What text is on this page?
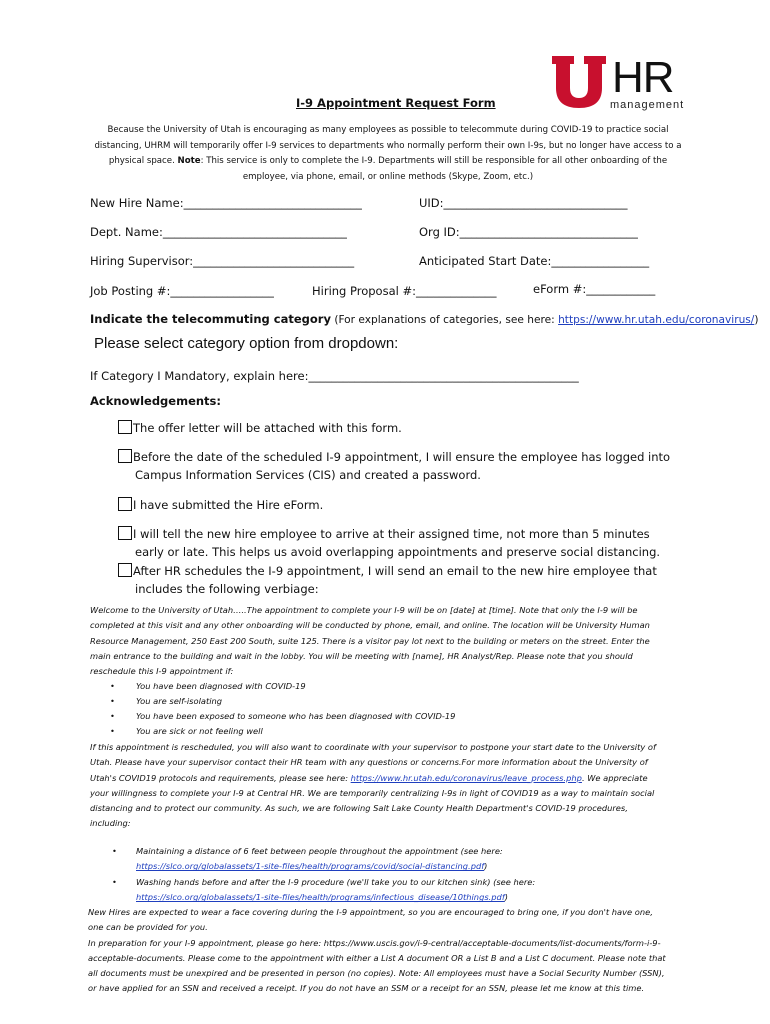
HR
management
I-9 Appointment Request Form
Because the University of Utah is encouraging as many employees as possible to telecommute during COVID-19 to practice social distancing, UHRM will temporarily offer I-9 services to departments who normally perform their own I-9s, but no longer have access to a physical space. Note: This service is only to complete the I-9. Departments will still be responsible for all other onboarding of the employee, via phone, email, or online methods (Skype, Zoom, etc.)
New Hire Name:_______________________________	UID:________________________________
Dept. Name:________________________________	Org ID:_______________________________
Hiring Supervisor:____________________________	Anticipated Start Date:_________________
Job Posting #:__________________	Hiring Proposal #:______________	eForm #:____________
Indicate the telecommuting category (For explanations of categories, see here: https://www.hr.utah.edu/coronavirus/)
Please select category option from dropdown:
If Category I Mandatory, explain here:_______________________________________________
Acknowledgements:
The offer letter will be attached with this form.
Before the date of the scheduled I-9 appointment, I will ensure the employee has logged into
Campus Information Services (CIS) and created a password.
I have submitted the Hire eForm.
I will tell the new hire employee to arrive at their assigned time, not more than 5 minutes
early or late. This helps us avoid overlapping appointments and preserve social distancing.
After HR schedules the I-9 appointment, I will send an email to the new hire employee that
includes the following verbiage:
Welcome to the University of Utah…..The appointment to complete your I-9 will be on [date] at [time]. Note that only the I-9 will be completed at this visit and any other onboarding will be conducted by phone, email, and online. The location will be University Human Resource Management, 250 East 200 South, suite 125. There is a visitor pay lot next to the building or meters on the street. Enter the main entrance to the building and wait in the lobby. You will be meeting with [name], HR Analyst/Rep. Please note that you should reschedule this I-9 appointment if:
•	You have been diagnosed with COVID-19
•	You are self-isolating
•	You have been exposed to someone who has been diagnosed with COVID-19
•	You are sick or not feeling well
If this appointment is rescheduled, you will also want to coordinate with your supervisor to postpone your start date to the University of Utah. Please have your supervisor contact their HR team with any questions or concerns.For more information about the University of Utah's COVID19 protocols and requirements, please see here: https://www.hr.utah.edu/coronavirus/leave_process.php. We appreciate your willingness to complete your I-9 at Central HR. We are temporarily centralizing I-9s in light of COVID19 as a way to maintain social distancing and to protect our community. As such, we are following Salt Lake County Health Department's COVID-19 procedures, including:
•	Maintaining a distance of 6 feet between people throughout the appointment (see here: https://slco.org/globalassets/1-site-files/health/programs/covid/social-distancing.pdf)
•	Washing hands before and after the I-9 procedure (we'll take you to our kitchen sink) (see here: https://slco.org/globalassets/1-site-files/health/programs/infectious_disease/10things.pdf)
New Hires are expected to wear a face covering during the I-9 appointment, so you are encouraged to bring one, if you don't have one, one can be provided for you.
In preparation for your I-9 appointment, please go here: https://www.uscis.gov/i-9-central/acceptable-documents/list-documents/form-i-9-acceptable-documents. Please come to the appointment with either a List A document OR a List B and a List C document. Please note that all documents must be unexpired and be presented in person (no copies). Note: All employees must have a Social Security Number (SSN), or have applied for an SSN and received a receipt. If you do not have an SSM or a receipt for an SSN, please let me know at this time.
